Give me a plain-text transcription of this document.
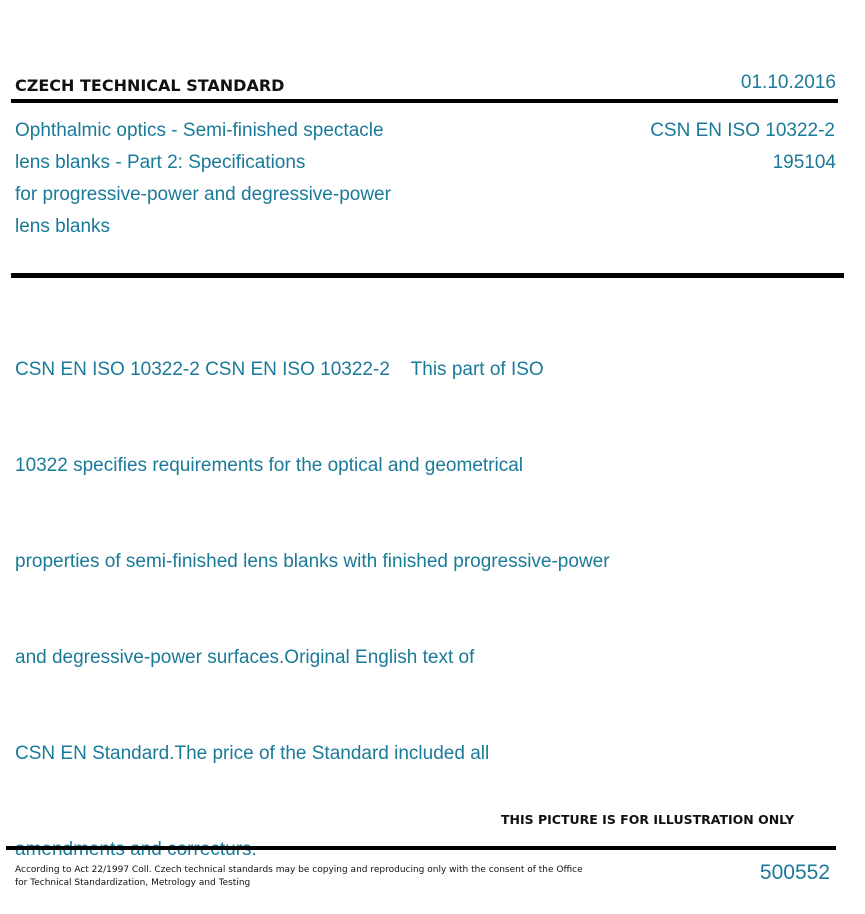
CZECH TECHNICAL STANDARD	01.10.2016
Ophthalmic optics - Semi-finished spectacle
lens blanks - Part 2: Specifications
for progressive-power and degressive-power
lens blanks
CSN EN ISO 10322-2
195104

CSN EN ISO 10322-2 CSN EN ISO 10322-2    This part of ISO

10322 specifies requirements for the optical and geometrical

properties of semi-finished lens blanks with finished progressive-power

and degressive-power surfaces.Original English text of

CSN EN Standard.The price of the Standard included all

THIS PICTURE IS FOR ILLUSTRATION ONLY
According to Act 22/1997 Coll. Czech technical standards may be copying and reproducing only with the consent of the Office
for Technical Standardization, Metrology and Testing	500552
